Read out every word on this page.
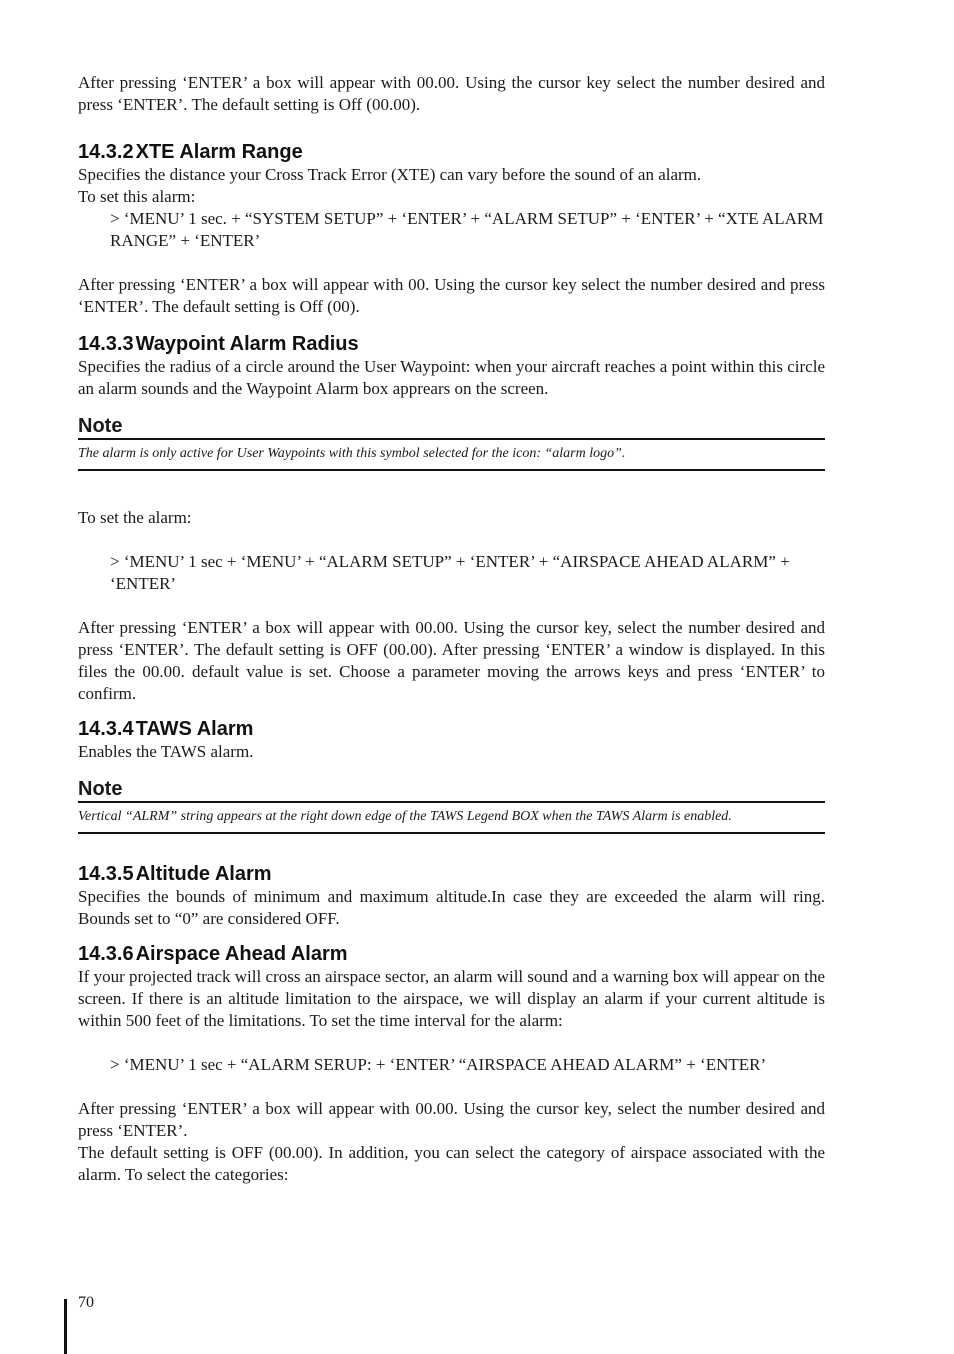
After pressing ‘ENTER’ a box will appear with 00.00. Using the cursor key select the number desired and press ‘ENTER’. The default setting is Off (00.00).

14.3.2 XTE Alarm Range

Specifies the distance your Cross Track Error (XTE) can vary before the sound of an alarm.

To set this alarm:

> ‘MENU’ 1 sec. + “SYSTEM SETUP” + ‘ENTER’ + “ALARM SETUP” + ‘ENTER’ + “XTE ALARM RANGE” + ‘ENTER’

After pressing ‘ENTER’ a box will appear with 00. Using the cursor key select the number desired and press ‘ENTER’. The default setting is Off (00).

14.3.3 Waypoint Alarm Radius

Specifies the radius of a circle around the User Waypoint: when your aircraft reaches a point within this circle an alarm sounds and the Waypoint Alarm box apprears on the screen.

Note
The alarm is only active for User Waypoints with this symbol selected for the icon: “alarm logo”.

To set the alarm:

> ‘MENU’ 1 sec + ‘MENU’ + “ALARM SETUP” + ‘ENTER’ + “AIRSPACE AHEAD ALARM” + ‘ENTER’

After pressing ‘ENTER’ a box will appear with 00.00. Using the cursor key, select the number desired and press ‘ENTER’. The default setting is OFF (00.00). After pressing ‘ENTER’ a window is displayed. In this files the 00.00. default value is set. Choose a parameter moving the arrows keys and press ‘ENTER’ to confirm.

14.3.4 TAWS Alarm

Enables the TAWS alarm.

Note
Vertical “ALRM” string appears at the right down edge of the TAWS Legend BOX when the TAWS Alarm is enabled.
14.3.5 Altitude Alarm

Specifies the bounds of minimum and maximum altitude.In case they are exceeded the alarm will ring. Bounds set to “0” are considered OFF.

14.3.6 Airspace Ahead Alarm

If your projected track will cross an airspace sector, an alarm will sound and a warning box will appear on the screen. If there is an altitude limitation to the airspace, we will display an alarm if your current altitude is within 500 feet of the limitations. To set the time interval for the alarm:

> ‘MENU’ 1 sec + “ALARM SERUP: + ‘ENTER’ “AIRSPACE AHEAD ALARM” + ‘ENTER’

After pressing ‘ENTER’ a box will appear with 00.00. Using the cursor key, select the number desired and press ‘ENTER’.

The default setting is OFF (00.00). In addition, you can select the category of airspace associated with the alarm. To select the categories:

70
